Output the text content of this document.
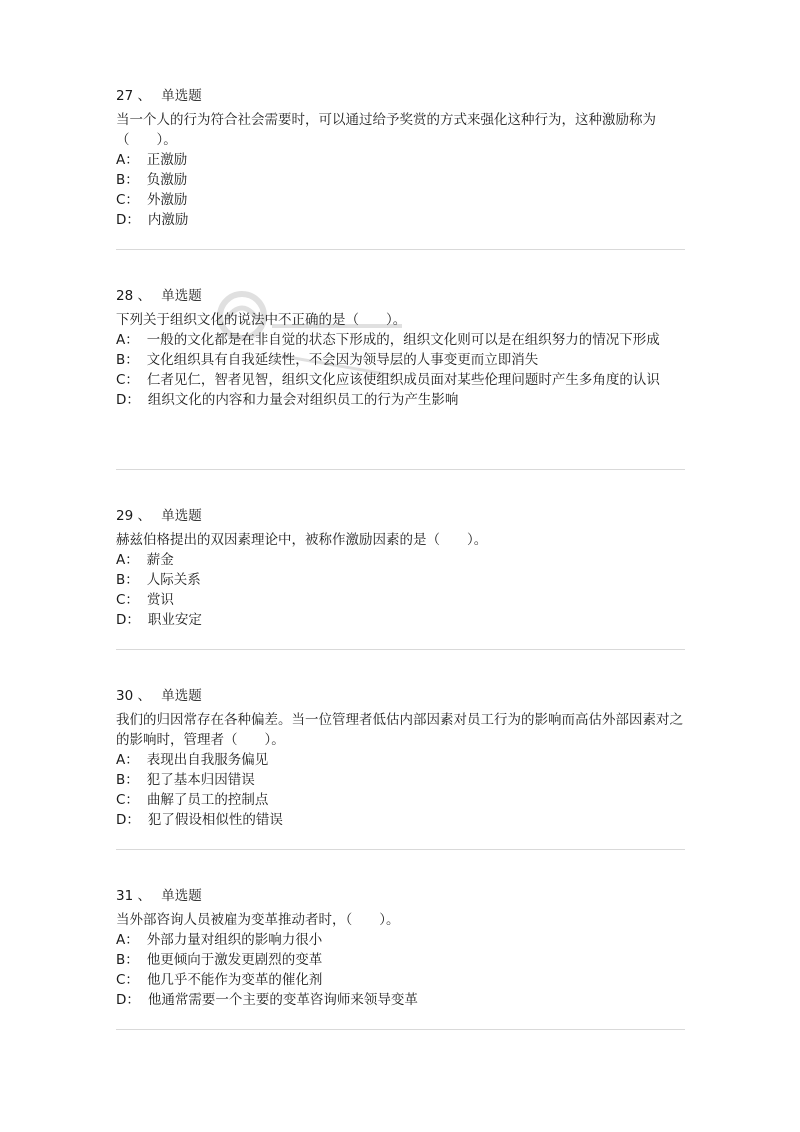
27 、 单选题

当一个人的行为符合社会需要时，可以通过给予奖赏的方式来强化这种行为，这种激励称为（　　）。

A： 正激励

B： 负激励

C： 外激励

D： 内激励

28 、 单选题

下列关于组织文化的说法中不正确的是（　　）。

A： 一般的文化都是在非自觉的状态下形成的，组织文化则可以是在组织努力的情况下形成

B： 文化组织具有自我延续性，不会因为领导层的人事变更而立即消失

C： 仁者见仁，智者见智，组织文化应该使组织成员面对某些伦理问题时产生多角度的认识

D： 组织文化的内容和力量会对组织员工的行为产生影响

29 、 单选题

赫兹伯格提出的双因素理论中，被称作激励因素的是（　　）。

A： 薪金

B： 人际关系

C： 赏识

D： 职业安定

30 、 单选题

我们的归因常存在各种偏差。当一位管理者低估内部因素对员工行为的影响而高估外部因素对之的影响时，管理者（　　）。

A： 表现出自我服务偏见

B： 犯了基本归因错误

C： 曲解了员工的控制点

D： 犯了假设相似性的错误

31 、 单选题

当外部咨询人员被雇为变革推动者时，（　　）。

A： 外部力量对组织的影响力很小

B： 他更倾向于激发更剧烈的变革

C： 他几乎不能作为变革的催化剂

D： 他通常需要一个主要的变革咨询师来领导变革
